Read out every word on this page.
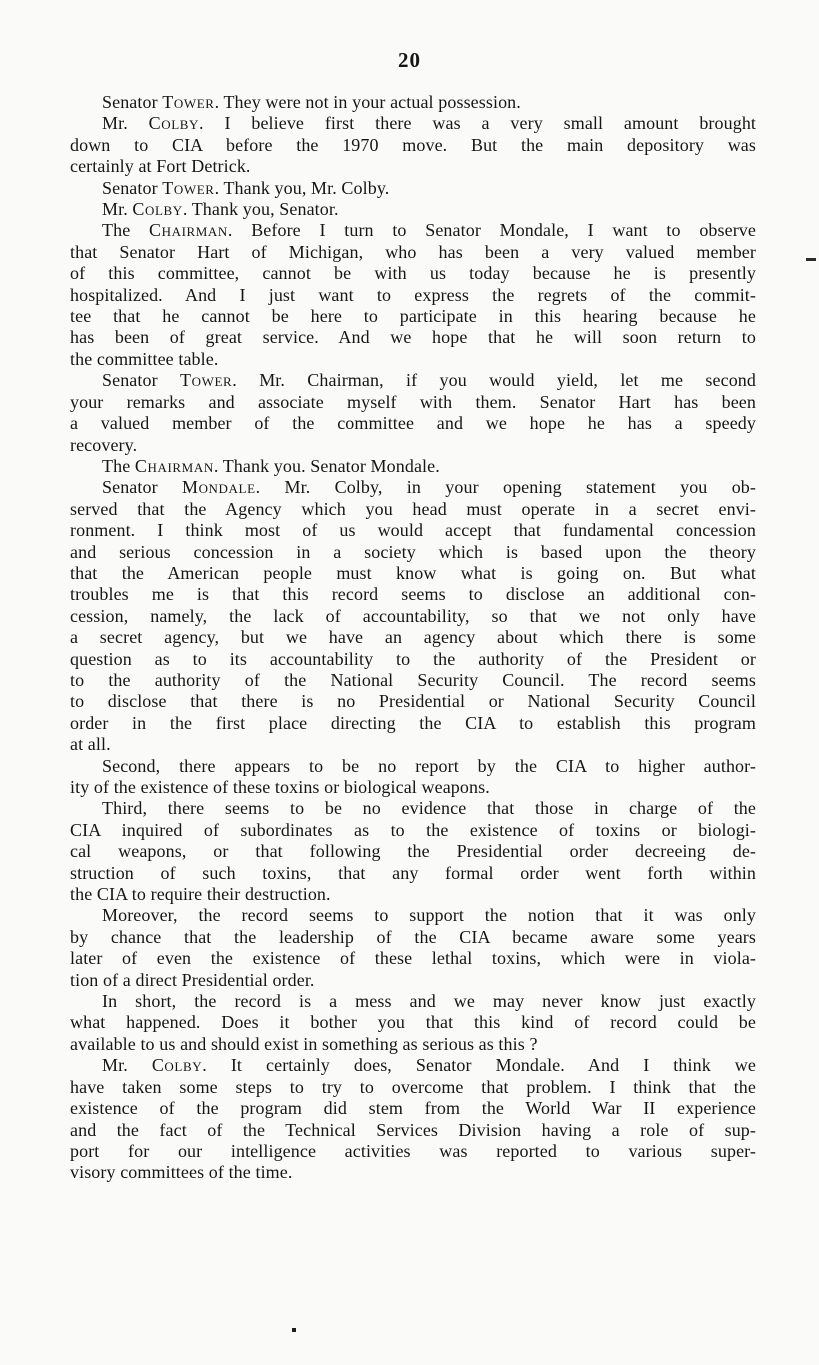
20
Senator Tower. They were not in your actual possession.
Mr. Colby. I believe first there was a very small amount brought
down to CIA before the 1970 move. But the main depository was
certainly at Fort Detrick.
Senator Tower. Thank you, Mr. Colby.
Mr. Colby. Thank you, Senator.
The Chairman. Before I turn to Senator Mondale, I want to observe
that Senator Hart of Michigan, who has been a very valued member
of this committee, cannot be with us today because he is presently
hospitalized. And I just want to express the regrets of the commit-
tee that he cannot be here to participate in this hearing because he
has been of great service. And we hope that he will soon return to
the committee table.
Senator Tower. Mr. Chairman, if you would yield, let me second
your remarks and associate myself with them. Senator Hart has been
a valued member of the committee and we hope he has a speedy
recovery.
The Chairman. Thank you. Senator Mondale.
Senator Mondale. Mr. Colby, in your opening statement you ob-
served that the Agency which you head must operate in a secret envi-
ronment. I think most of us would accept that fundamental concession
and serious concession in a society which is based upon the theory
that the American people must know what is going on. But what
troubles me is that this record seems to disclose an additional con-
cession, namely, the lack of accountability, so that we not only have
a secret agency, but we have an agency about which there is some
question as to its accountability to the authority of the President or
to the authority of the National Security Council. The record seems
to disclose that there is no Presidential or National Security Council
order in the first place directing the CIA to establish this program
at all.
Second, there appears to be no report by the CIA to higher author-
ity of the existence of these toxins or biological weapons.
Third, there seems to be no evidence that those in charge of the
CIA inquired of subordinates as to the existence of toxins or biologi-
cal weapons, or that following the Presidential order decreeing de-
struction of such toxins, that any formal order went forth within
the CIA to require their destruction.
Moreover, the record seems to support the notion that it was only
by chance that the leadership of the CIA became aware some years
later of even the existence of these lethal toxins, which were in viola-
tion of a direct Presidential order.
In short, the record is a mess and we may never know just exactly
what happened. Does it bother you that this kind of record could be
available to us and should exist in something as serious as this ?
Mr. Colby. It certainly does, Senator Mondale. And I think we
have taken some steps to try to overcome that problem. I think that the
existence of the program did stem from the World War II experience
and the fact of the Technical Services Division having a role of sup-
port for our intelligence activities was reported to various super-
visory committees of the time.
